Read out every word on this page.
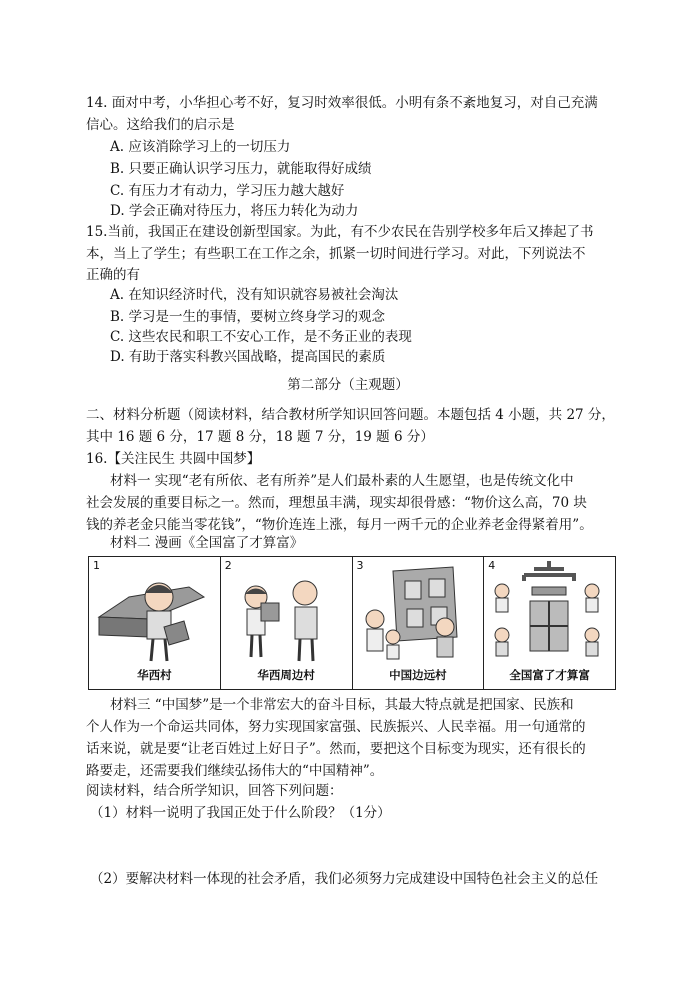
14. 面对中考，小华担心考不好，复习时效率很低。小明有条不紊地复习，对自己充满
信心。这给我们的启示是
A. 应该消除学习上的一切压力
B. 只要正确认识学习压力，就能取得好成绩
C. 有压力才有动力，学习压力越大越好
D. 学会正确对待压力，将压力转化为动力
15.当前，我国正在建设创新型国家。为此，有不少农民在告别学校多年后又捧起了书
本，当上了学生；有些职工在工作之余，抓紧一切时间进行学习。对此，下列说法不
正确的有
A. 在知识经济时代，没有知识就容易被社会淘汰
B. 学习是一生的事情，要树立终身学习的观念
C. 这些农民和职工不安心工作，是不务正业的表现
D. 有助于落实科教兴国战略，提高国民的素质
第二部分（主观题）
二、材料分析题（阅读材料，结合教材所学知识回答问题。本题包括 4 小题，共 27 分，
其中 16 题 6 分，17 题 8 分，18 题 7 分，19 题 6 分）
16.【关注民生 共圆中国梦】
材料一 实现“老有所依、老有所养”是人们最朴素的人生愿望，也是传统文化中
社会发展的重要目标之一。然而，理想虽丰满，现实却很骨感：“物价这么高，70 块
钱的养老金只能当零花钱”，“物价连连上涨，每月一两千元的企业养老金得紧着用”。
材料二 漫画《全国富了才算富》
1
华西村
2
华西周边村
3
中国边远村
4
全国富了才算富
材料三 “中国梦”是一个非常宏大的奋斗目标，其最大特点就是把国家、民族和
个人作为一个命运共同体，努力实现国家富强、民族振兴、人民幸福。用一句通常的
话来说，就是要“让老百姓过上好日子”。然而，要把这个目标变为现实，还有很长的
路要走，还需要我们继续弘扬伟大的“中国精神”。
阅读材料，结合所学知识，回答下列问题：
（1）材料一说明了我国正处于什么阶段？（1分）
（2）要解决材料一体现的社会矛盾，我们必须努力完成建设中国特色社会主义的总任
